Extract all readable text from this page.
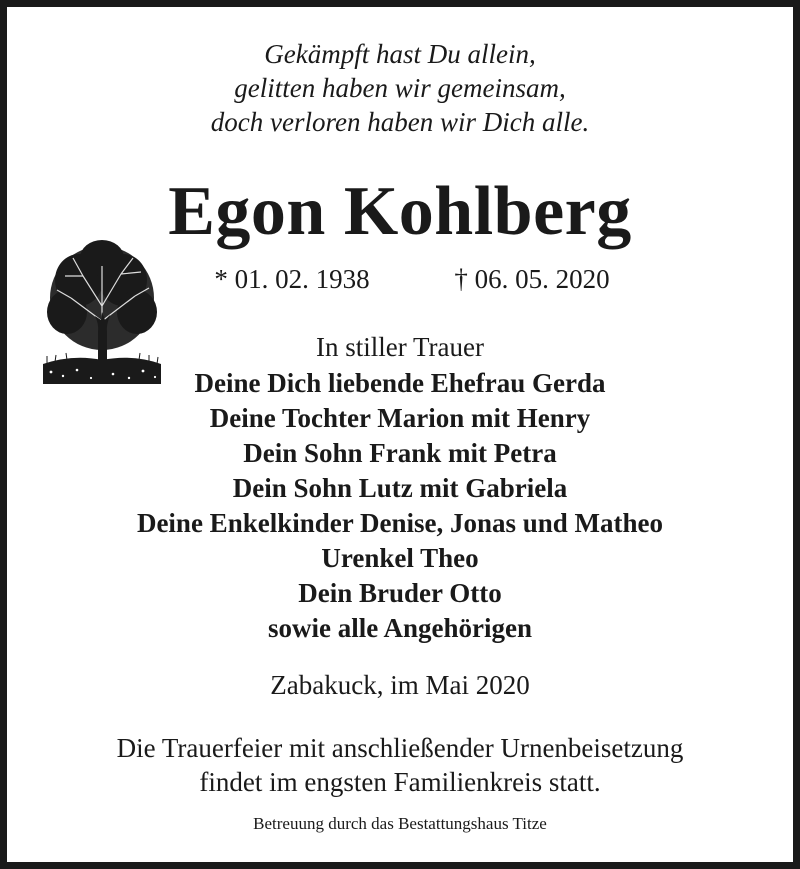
Gekämpft hast Du allein,
gelitten haben wir gemeinsam,
doch verloren haben wir Dich alle.
Egon Kohlberg
* 01. 02. 1938	† 06. 05. 2020
In stiller Trauer
Deine Dich liebende Ehefrau Gerda
Deine Tochter Marion mit Henry
Dein Sohn Frank mit Petra
Dein Sohn Lutz mit Gabriela
Deine Enkelkinder Denise, Jonas und Matheo
Urenkel Theo
Dein Bruder Otto
sowie alle Angehörigen
Zabakuck, im Mai 2020
Die Trauerfeier mit anschließender Urnenbeisetzung
findet im engsten Familienkreis statt.
Betreuung durch das Bestattungshaus Titze
